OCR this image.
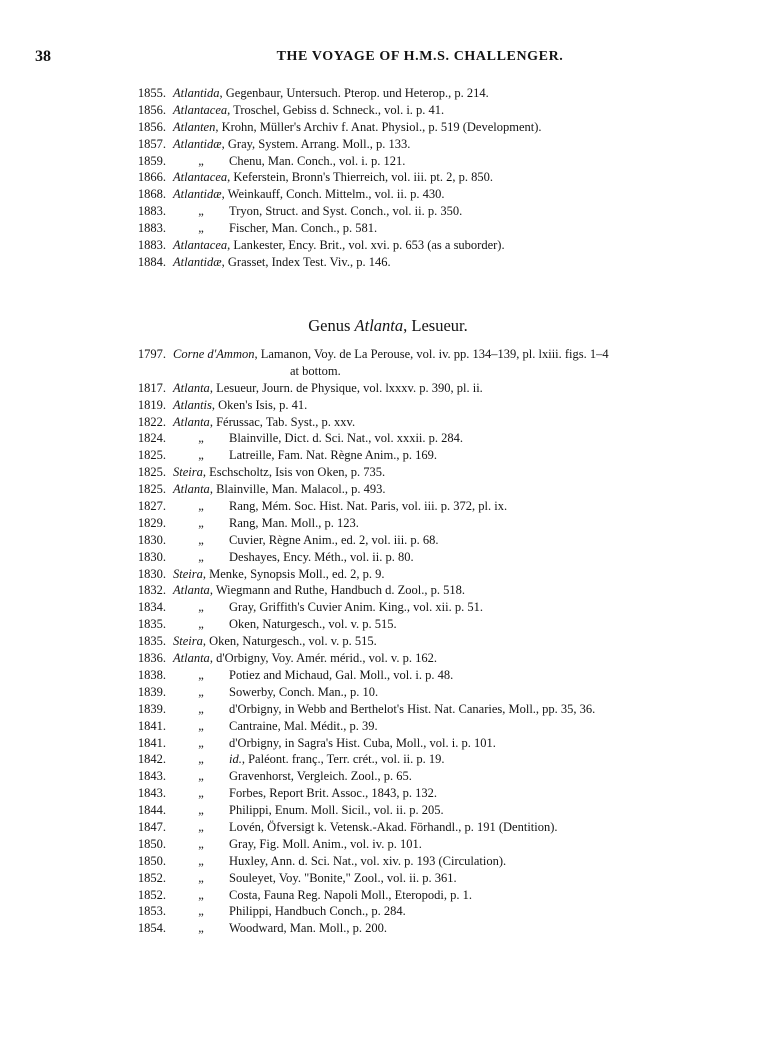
38	THE VOYAGE OF H.M.S. CHALLENGER.
1855. Atlantida, Gegenbaur, Untersuch. Pterop. und Heterop., p. 214.
1856. Atlantacea, Troschel, Gebiss d. Schneck., vol. i. p. 41.
1856. Atlanten, Krohn, Müller's Archiv f. Anat. Physiol., p. 519 (Development).
1857. Atlantidæ, Gray, System. Arrang. Moll., p. 133.
1859.	„ Chenu, Man. Conch., vol. i. p. 121.
1866. Atlantacea, Keferstein, Bronn's Thierreich, vol. iii. pt. 2, p. 850.
1868. Atlantidæ, Weinkauff, Conch. Mittelm., vol. ii. p. 430.
1883.	„ Tryon, Struct. and Syst. Conch., vol. ii. p. 350.
1883.	„ Fischer, Man. Conch., p. 581.
1883. Atlantacea, Lankester, Ency. Brit., vol. xvi. p. 653 (as a suborder).
1884. Atlantidæ, Grasset, Index Test. Viv., p. 146.
Genus Atlanta, Lesueur.
1797. Corne d'Ammon, Lamanon, Voy. de La Perouse, vol. iv. pp. 134–139, pl. lxiii. figs. 1–4
at bottom.
1817. Atlanta, Lesueur, Journ. de Physique, vol. lxxxv. p. 390, pl. ii.
1819. Atlantis, Oken's Isis, p. 41.
1822. Atlanta, Férussac, Tab. Syst., p. xxv.
1824.	„ Blainville, Dict. d. Sci. Nat., vol. xxxii. p. 284.
1825.	„ Latreille, Fam. Nat. Règne Anim., p. 169.
1825. Steira, Eschscholtz, Isis von Oken, p. 735.
1825. Atlanta, Blainville, Man. Malacol., p. 493.
1827.	„ Rang, Mém. Soc. Hist. Nat. Paris, vol. iii. p. 372, pl. ix.
1829.	„ Rang, Man. Moll., p. 123.
1830.	„ Cuvier, Règne Anim., ed. 2, vol. iii. p. 68.
1830.	„ Deshayes, Ency. Méth., vol. ii. p. 80.
1830. Steira, Menke, Synopsis Moll., ed. 2, p. 9.
1832. Atlanta, Wiegmann and Ruthe, Handbuch d. Zool., p. 518.
1834.	„ Gray, Griffith's Cuvier Anim. King., vol. xii. p. 51.
1835.	„ Oken, Naturgesch., vol. v. p. 515.
1835. Steira, Oken, Naturgesch., vol. v. p. 515.
1836. Atlanta, d'Orbigny, Voy. Amér. mérid., vol. v. p. 162.
1838.	„ Potiez and Michaud, Gal. Moll., vol. i. p. 48.
1839.	„ Sowerby, Conch. Man., p. 10.
1839.	„ d'Orbigny, in Webb and Berthelot's Hist. Nat. Canaries, Moll., pp. 35, 36.
1841.	„ Cantraine, Mal. Médit., p. 39.
1841.	„ d'Orbigny, in Sagra's Hist. Cuba, Moll., vol. i. p. 101.
1842.	„ id., Paléont. franç., Terr. crét., vol. ii. p. 19.
1843.	„ Gravenhorst, Vergleich. Zool., p. 65.
1843.	„ Forbes, Report Brit. Assoc., 1843, p. 132.
1844.	„ Philippi, Enum. Moll. Sicil., vol. ii. p. 205.
1847.	„ Lovén, Öfversigt k. Vetensk.-Akad. Förhandl., p. 191 (Dentition).
1850.	„ Gray, Fig. Moll. Anim., vol. iv. p. 101.
1850.	„ Huxley, Ann. d. Sci. Nat., vol. xiv. p. 193 (Circulation).
1852.	„ Souleyet, Voy. "Bonite," Zool., vol. ii. p. 361.
1852.	„ Costa, Fauna Reg. Napoli Moll., Eteropodi, p. 1.
1853.	„ Philippi, Handbuch Conch., p. 284.
1854.	„ Woodward, Man. Moll., p. 200.
